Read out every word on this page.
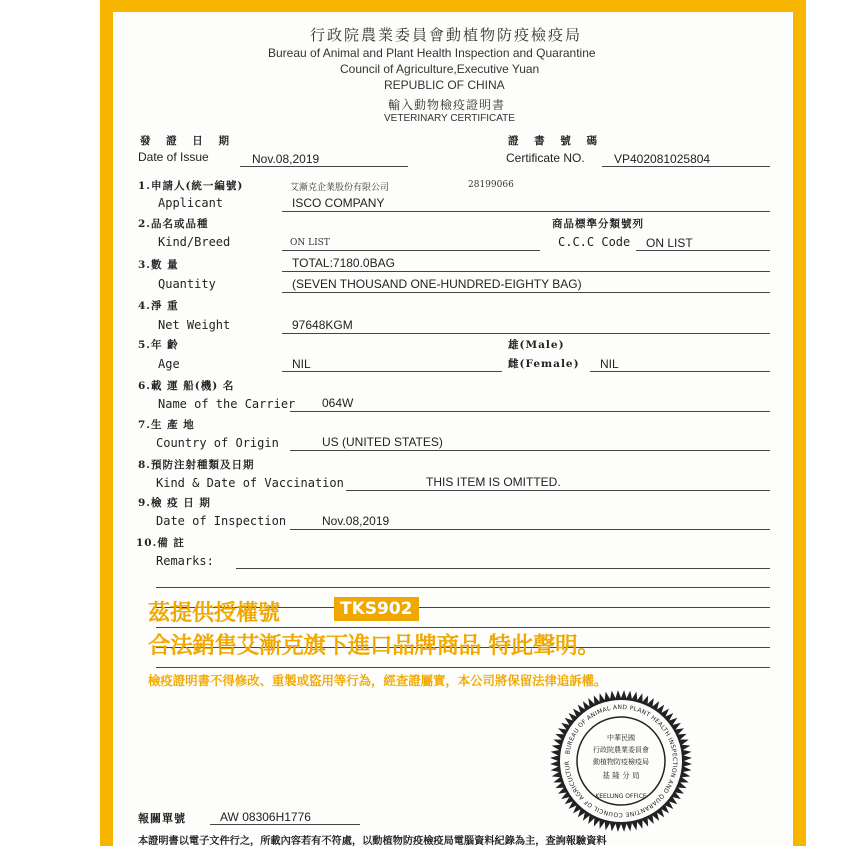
行政院農業委員會動植物防疫檢疫局
Bureau of Animal and Plant Health Inspection and Quarantine
Council of Agriculture,Executive Yuan
REPUBLIC OF CHINA
輸入動物檢疫證明書
VETERINARY CERTIFICATE
發 證 日 期
Date of Issue	Nov.08,2019
證 書 號 碼
Certificate NO. VP402081025804
1.申請人(統一編號)	艾漸克企業股份有限公司	28199066
Applicant	ISCO COMPANY
2.品名或品種	商品標準分類號列
Kind/Breed	ON LIST	C.C.C Code ON LIST
3.數 量	TOTAL:7180.0BAG
Quantity	(SEVEN THOUSAND ONE-HUNDRED-EIGHTY BAG)
4.淨 重
Net Weight	97648KGM
5.年 齡	雄(Male)
Age	NIL	雌(Female) NIL
6.載 運 船(機) 名
Name of the Carrier 064W
7.生 產 地
Country of Origin	US (UNITED STATES)
8.預防注射種類及日期
Kind & Date of Vaccination	THIS ITEM IS OMITTED.
9.檢 疫 日 期
Date of Inspection	Nov.08,2019
10.備 註
Remarks:
茲提供授權號	TKS902
合法銷售艾漸克旗下進口品牌商品 特此聲明。
檢疫證明書不得修改、重製或盜用等行為，經查證屬實，本公司將保留法律追訴權。
BUREAU OF ANIMAL AND PLANT HEALTH INSPECTION AND QUARANTINE COUNCIL OF AGRICULTUR
中華民國
行政院農業委員會
動植物防疫檢疫局
基 隆 分 局
KEELUNG OFFICE
報關單號	AW 08306H1776
本證明書以電子文件行之，所載內容若有不符處，以動植物防疫檢疫局電腦資料紀錄為主，查詢報驗資料
